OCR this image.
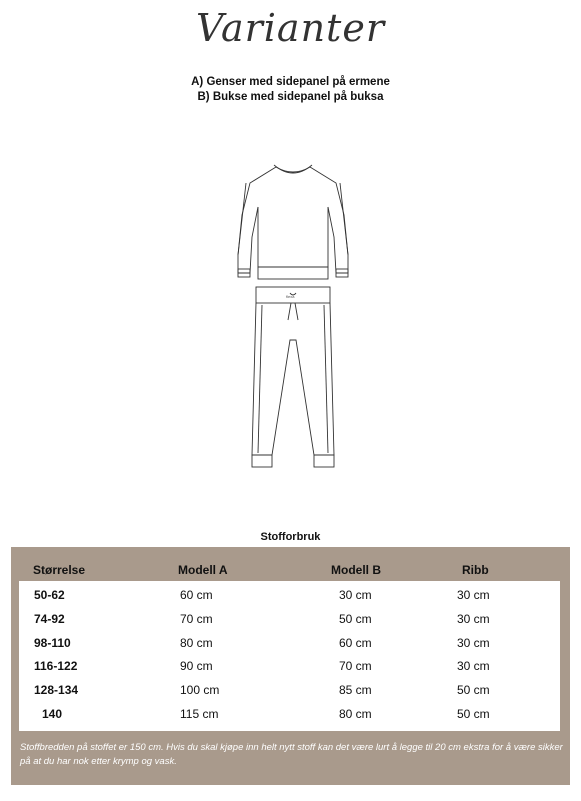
Varianter
A) Genser med sidepanel på ermene
B) Bukse med sidepanel på buksa
flexa
Stofforbruk
Størrelse	Modell A	Modell B	Ribb
50-62	60 cm	30 cm	30 cm
74-92	70 cm	50 cm	30 cm
98-110	80 cm	60 cm	30 cm
116-122	90 cm	70 cm	30 cm
128-134	100 cm	85 cm	50 cm
140	115 cm	80 cm	50 cm
Stoffbredden på stoffet er 150 cm. Hvis du skal kjøpe inn helt nytt stoff kan det være lurt å legge til 20 cm ekstra for å være sikker på at du har nok etter krymp og vask.
